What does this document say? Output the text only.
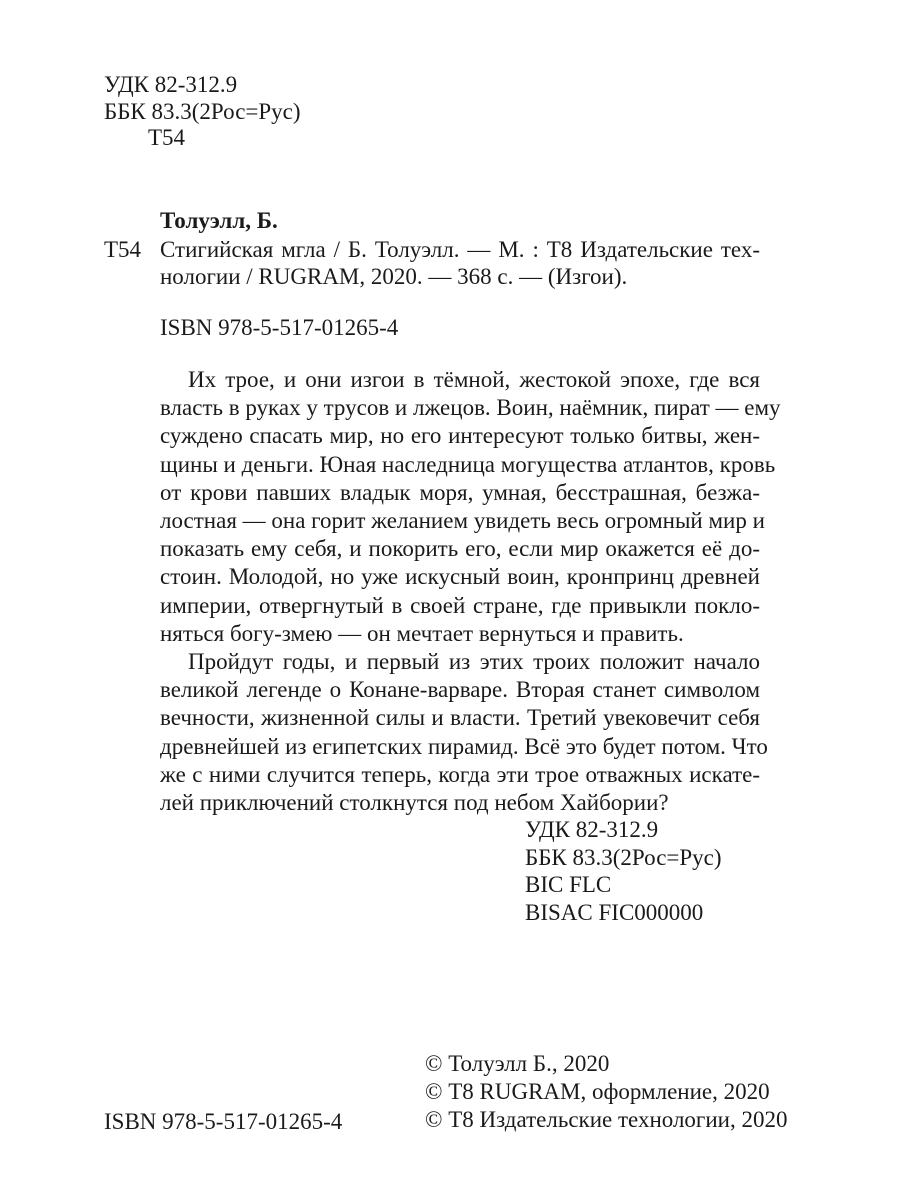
УДК 82-312.9
ББК 83.3(2Рос=Рус)
Т54
Толуэлл, Б.
Т54 Стигийская мгла / Б. Толуэлл. — М. : Т8 Издательские тех-
нологии / RUGRAM, 2020. — 368 с. — (Изгои).
ISBN 978-5-517-01265-4
Их трое, и они изгои в тёмной, жестокой эпохе, где вся
власть в руках у трусов и лжецов. Воин, наёмник, пират — ему
суждено спасать мир, но его интересуют только битвы, жен-
щины и деньги. Юная наследница могущества атлантов, кровь
от крови павших владык моря, умная, бесстрашная, безжа-
лостная — она горит желанием увидеть весь огромный мир и
показать ему себя, и покорить его, если мир окажется её до-
стоин. Молодой, но уже искусный воин, кронпринц древней
империи, отвергнутый в своей стране, где привыкли покло-
няться богу-змею — он мечтает вернуться и править.
Пройдут годы, и первый из этих троих положит начало
великой легенде о Конане-варваре. Вторая станет символом
вечности, жизненной силы и власти. Третий увековечит себя
древнейшей из египетских пирамид. Всё это будет потом. Что
же с ними случится теперь, когда эти трое отважных искате-
лей приключений столкнутся под небом Хайбории?
УДК 82-312.9
ББК 83.3(2Рос=Рус)
BIC FLC
BISAC FIC000000
ISBN 978-5-517-01265-4
© Толуэлл Б., 2020
© Т8 RUGRAM, оформление, 2020
© Т8 Издательские технологии, 2020
